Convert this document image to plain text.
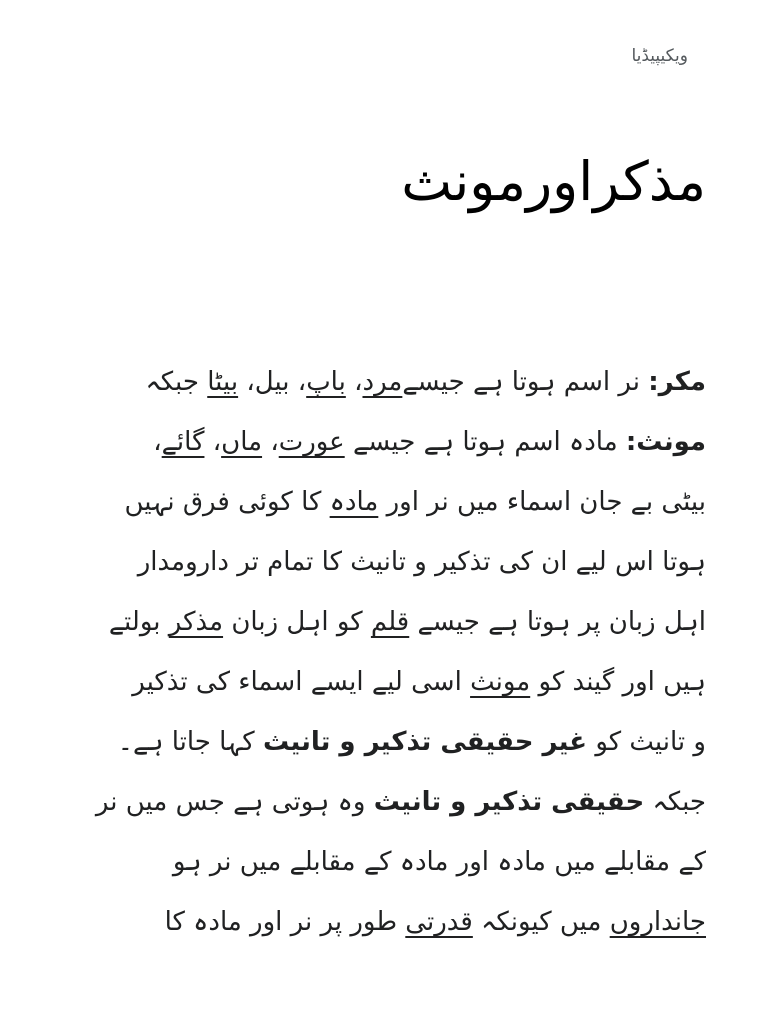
ویکیپیڈیا
مذکراورمونث
مکر: نر اسم ہوتا ہے جیسےمرد، باپ، بیل، بیٹا جبکہ
مونث: مادہ اسم ہوتا ہے جیسے عورت، ماں، گائے،
بیٹی بے جان اسماء میں نر اور مادہ کا کوئی فرق نہیں
ہوتا اس لیے ان کی تذکیر و تانیث کا تمام تر دارومدار
اہل زبان پر ہوتا ہے جیسے قلم کو اہل زبان مذکر بولتے
ہیں اور گیند کو مونث اسی لیے ایسے اسماء کی تذکیر
و تانیث کو غیر حقیقی تذکیر و تانیث کہا جاتا ہے۔
جبکہ حقیقی تذکیر و تانیث وہ ہوتی ہے جس میں نر
کے مقابلے میں مادہ اور مادہ کے مقابلے میں نر ہو
جانداروں میں کیونکہ قدرتی طور پر نر اور مادہ کا
